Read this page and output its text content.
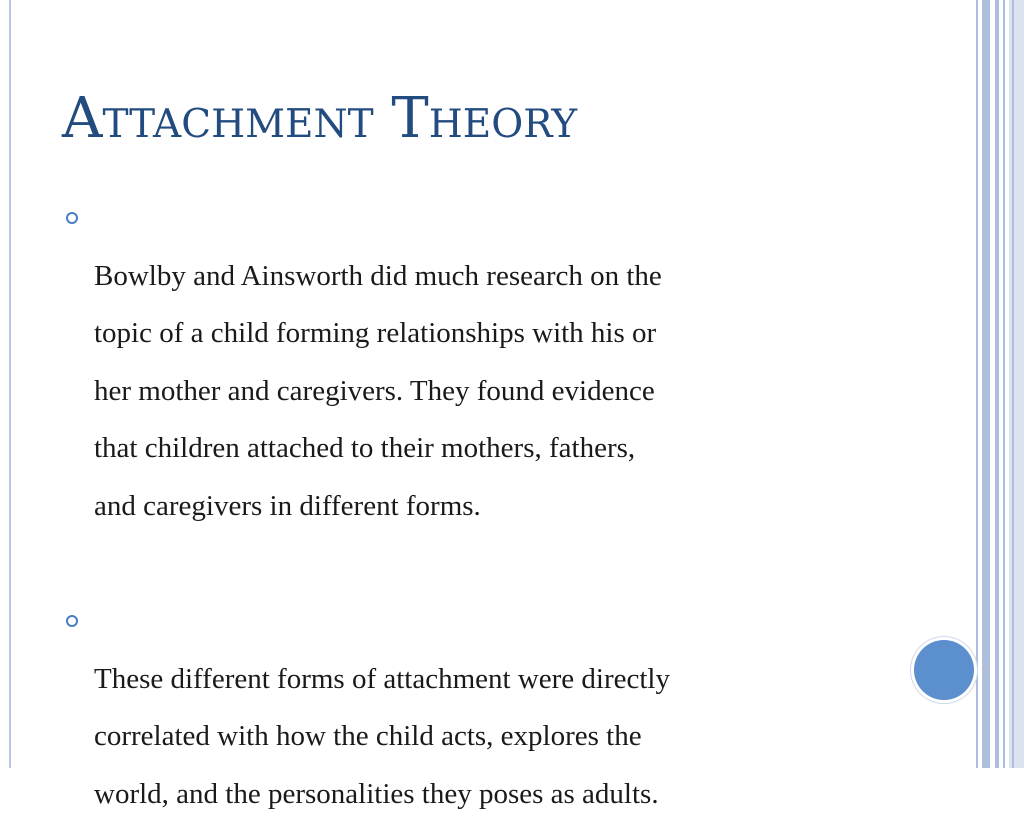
Attachment Theory

Bowlby and Ainsworth did much research on the
topic of a child forming relationships with his or
her mother and caregivers. They found evidence
that children attached to their mothers, fathers,
and caregivers in different forms.

These different forms of attachment were directly
correlated with how the child acts, explores the
world, and the personalities they poses as adults.
